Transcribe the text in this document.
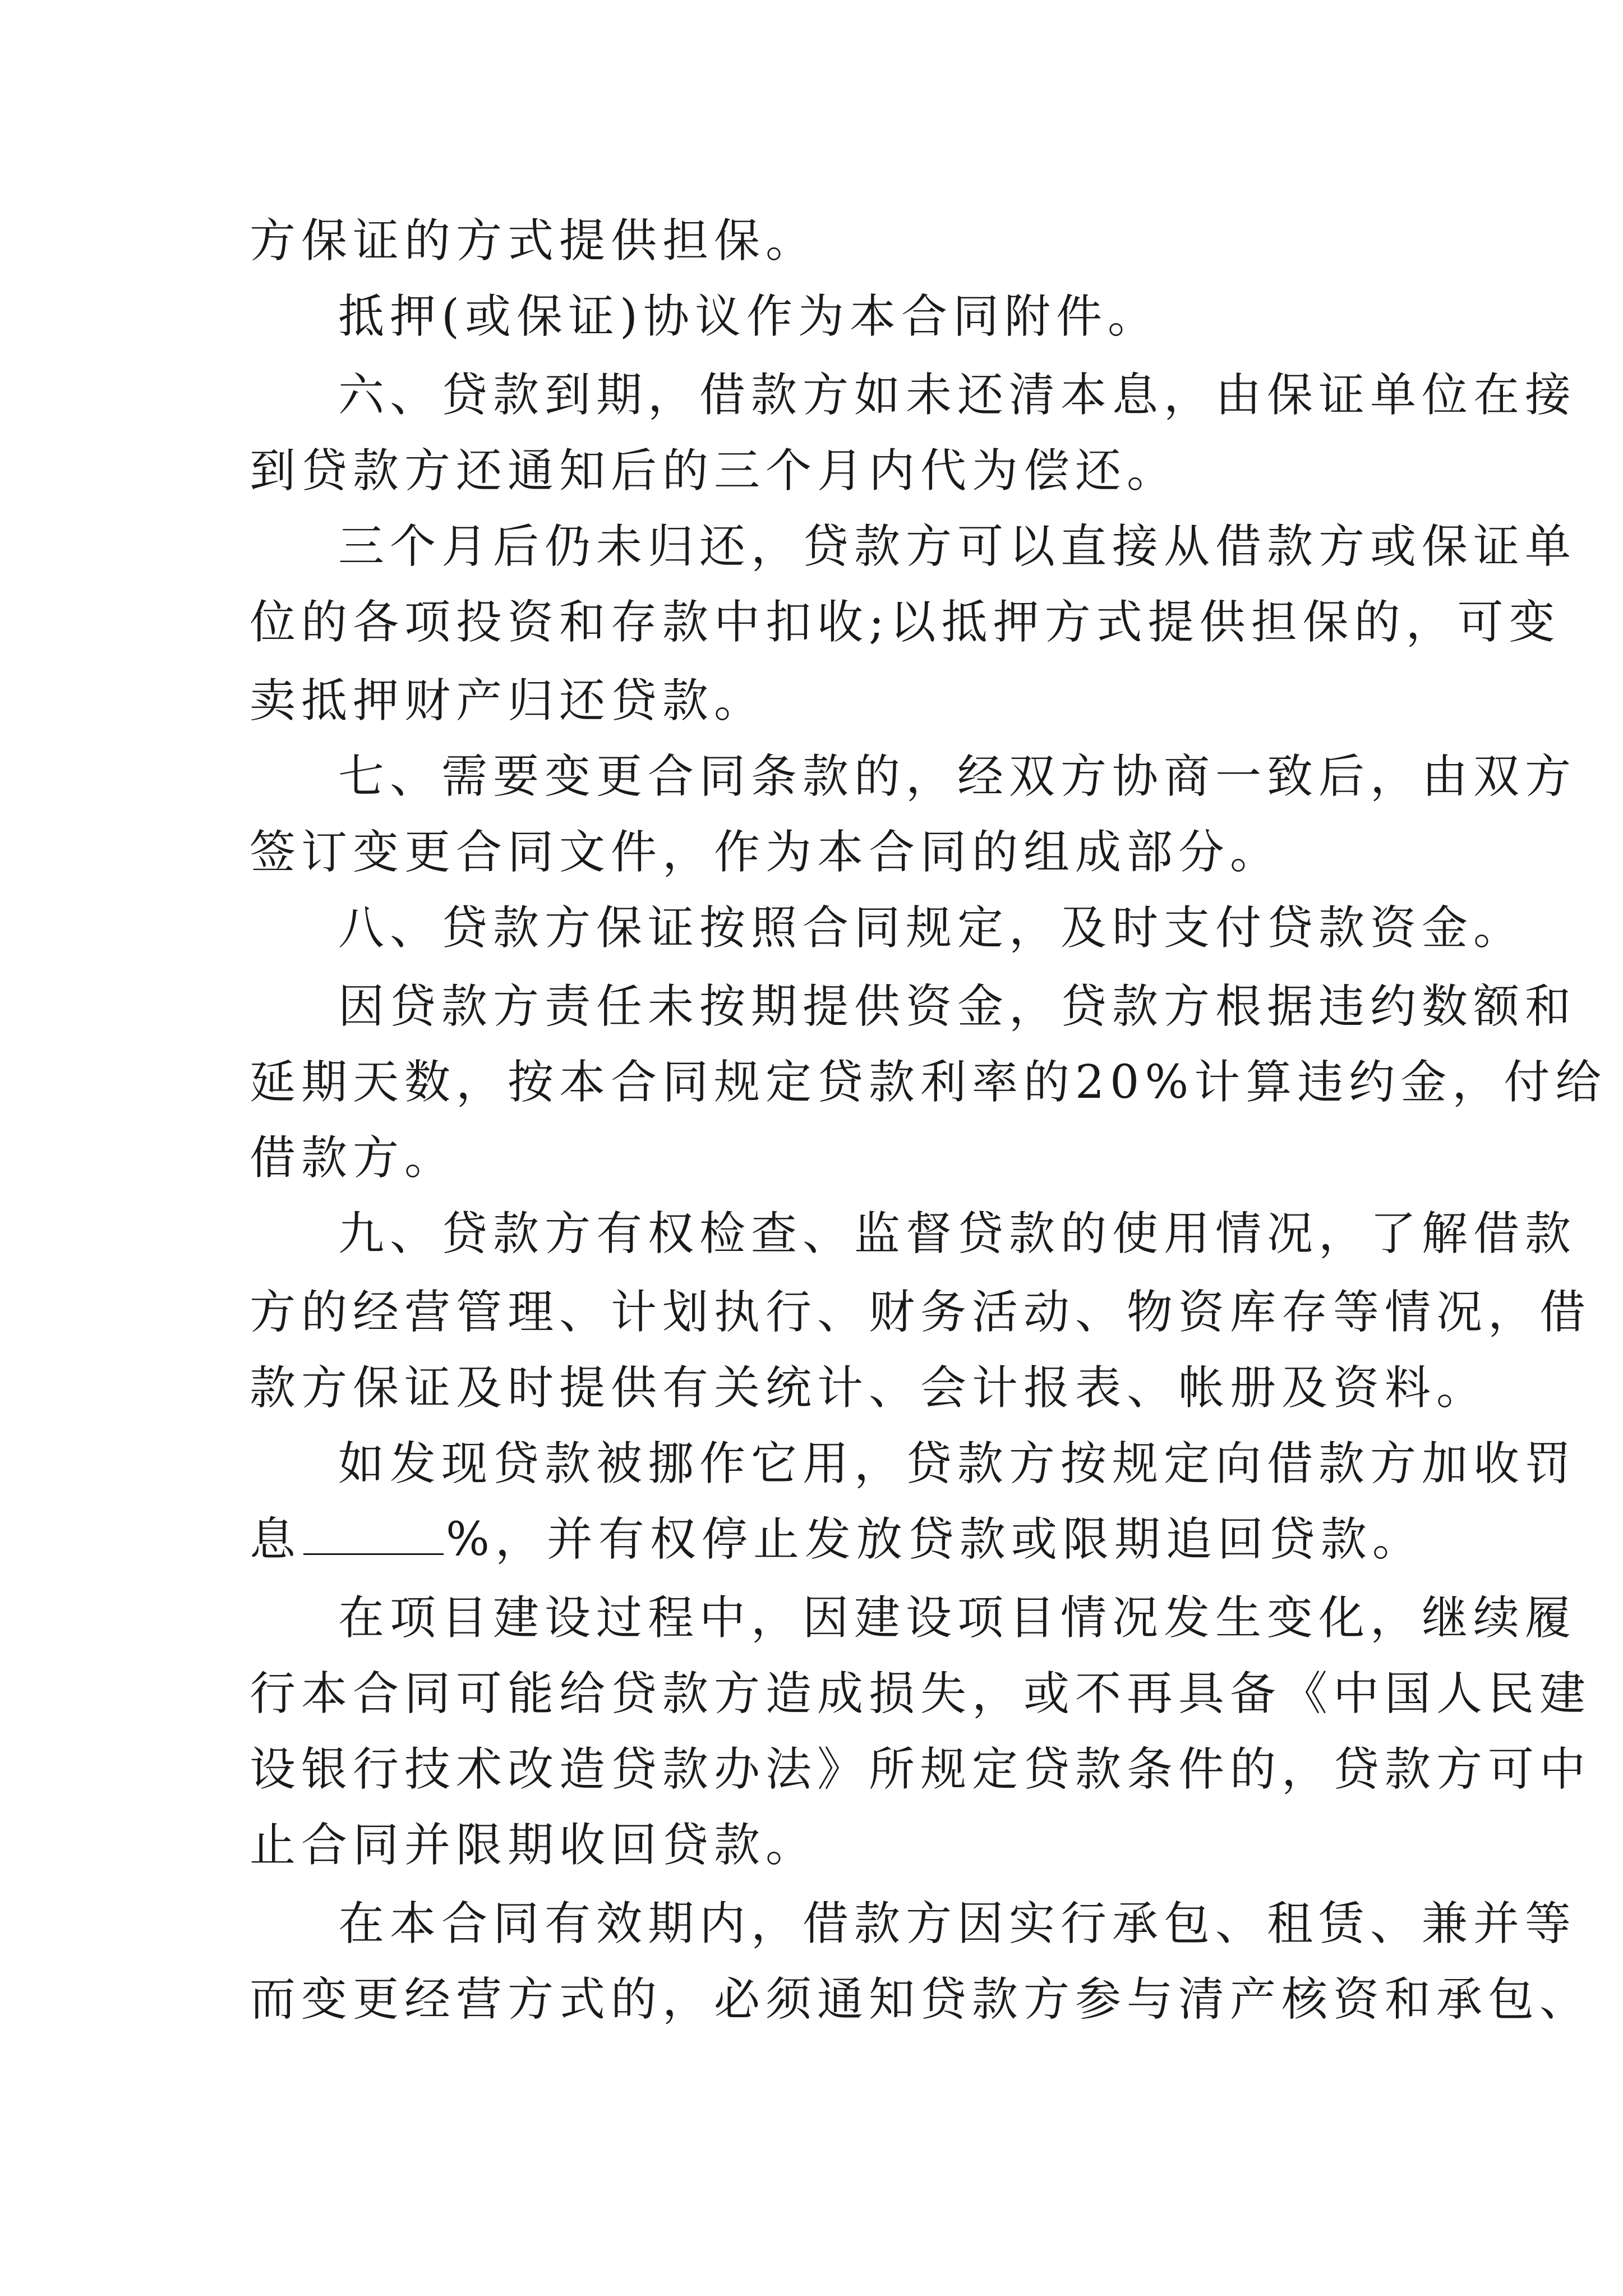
方保证的方式提供担保。
抵押(或保证)协议作为本合同附件。
六、贷款到期，借款方如未还清本息，由保证单位在接
到贷款方还通知后的三个月内代为偿还。
三个月后仍未归还，贷款方可以直接从借款方或保证单
位的各项投资和存款中扣收;以抵押方式提供担保的，可变
卖抵押财产归还贷款。
七、需要变更合同条款的，经双方协商一致后，由双方
签订变更合同文件，作为本合同的组成部分。
八、贷款方保证按照合同规定，及时支付贷款资金。
因贷款方责任未按期提供资金，贷款方根据违约数额和
延期天数，按本合同规定贷款利率的20%计算违约金，付给
借款方。
九、贷款方有权检查、监督贷款的使用情况，了解借款
方的经营管理、计划执行、财务活动、物资库存等情况，借
款方保证及时提供有关统计、会计报表、帐册及资料。
如发现贷款被挪作它用，贷款方按规定向借款方加收罚
息	%，并有权停止发放贷款或限期追回贷款。
在项目建设过程中，因建设项目情况发生变化，继续履
行本合同可能给贷款方造成损失，或不再具备《中国人民建
设银行技术改造贷款办法》所规定贷款条件的，贷款方可中
止合同并限期收回贷款。
在本合同有效期内，借款方因实行承包、租赁、兼并等
而变更经营方式的，必须通知贷款方参与清产核资和承包、
